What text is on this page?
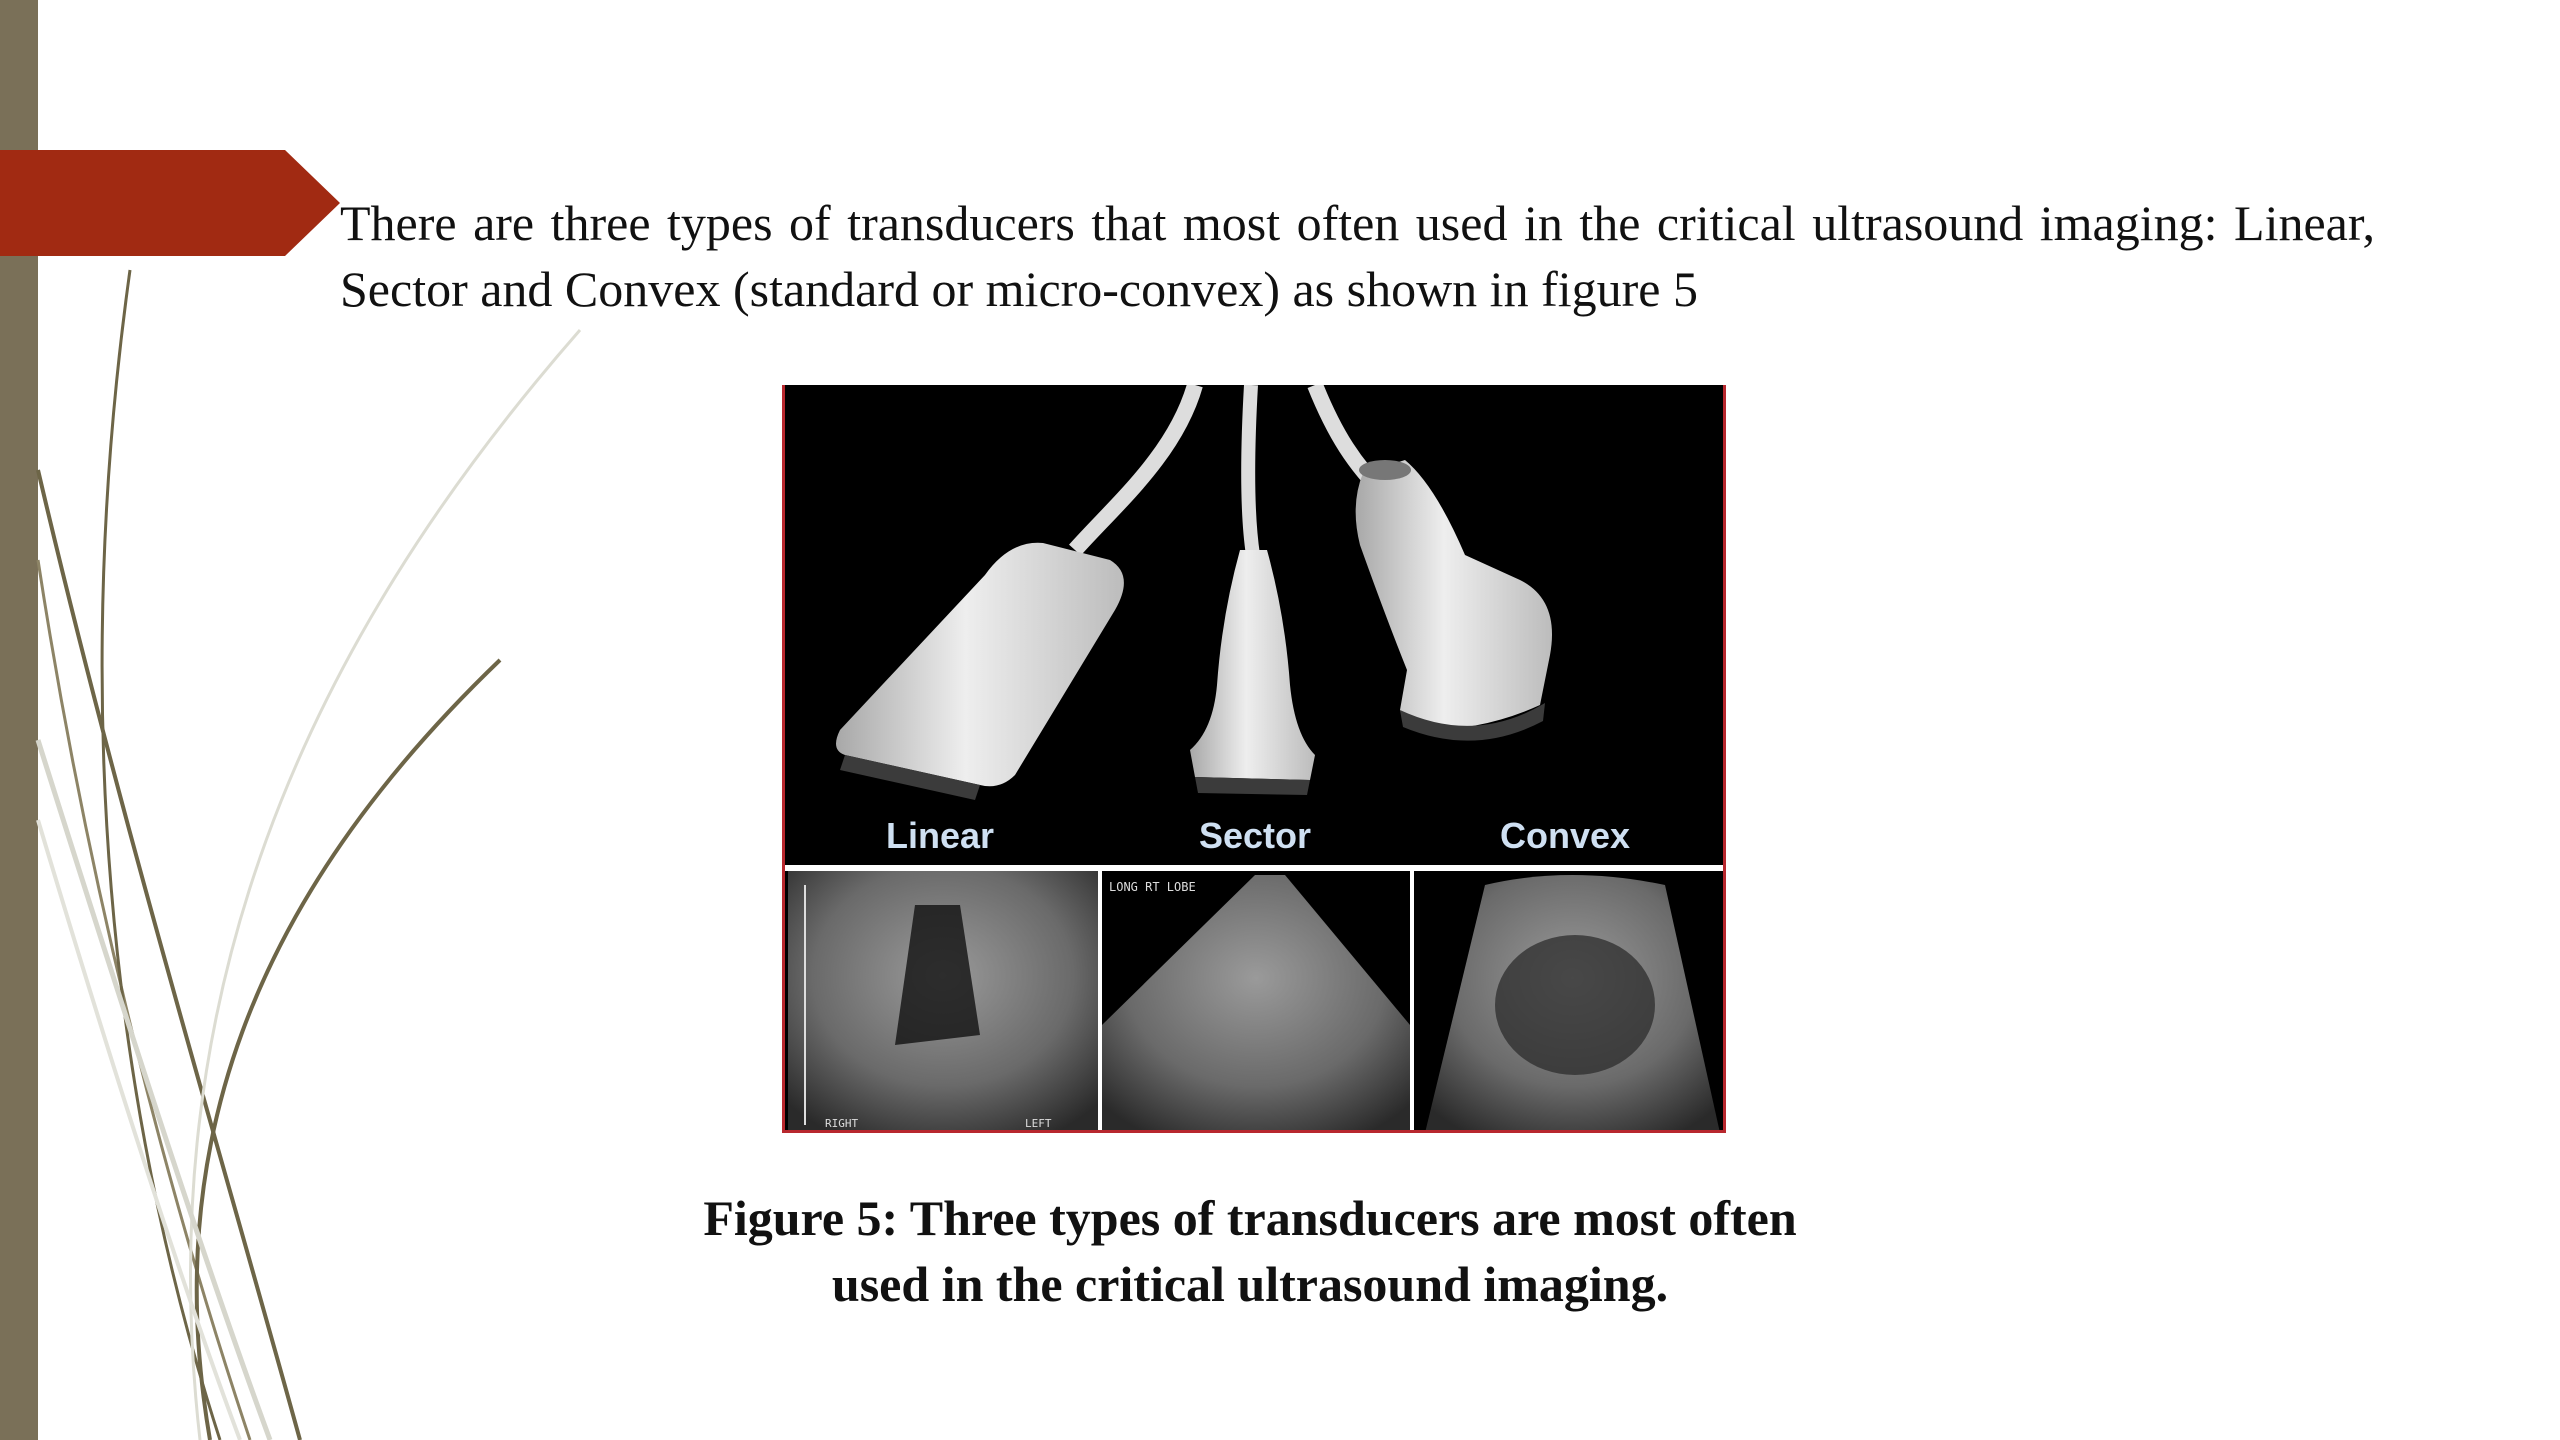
There are three types of transducers that most often used in the critical ultrasound imaging: Linear, Sector and Convex (standard or micro-convex) as shown in figure 5
LONG RT LOBE
RIGHT	LEFT
Linear	Sector	Convex
Figure 5: Three types of transducers are most often
used in the critical ultrasound imaging.
